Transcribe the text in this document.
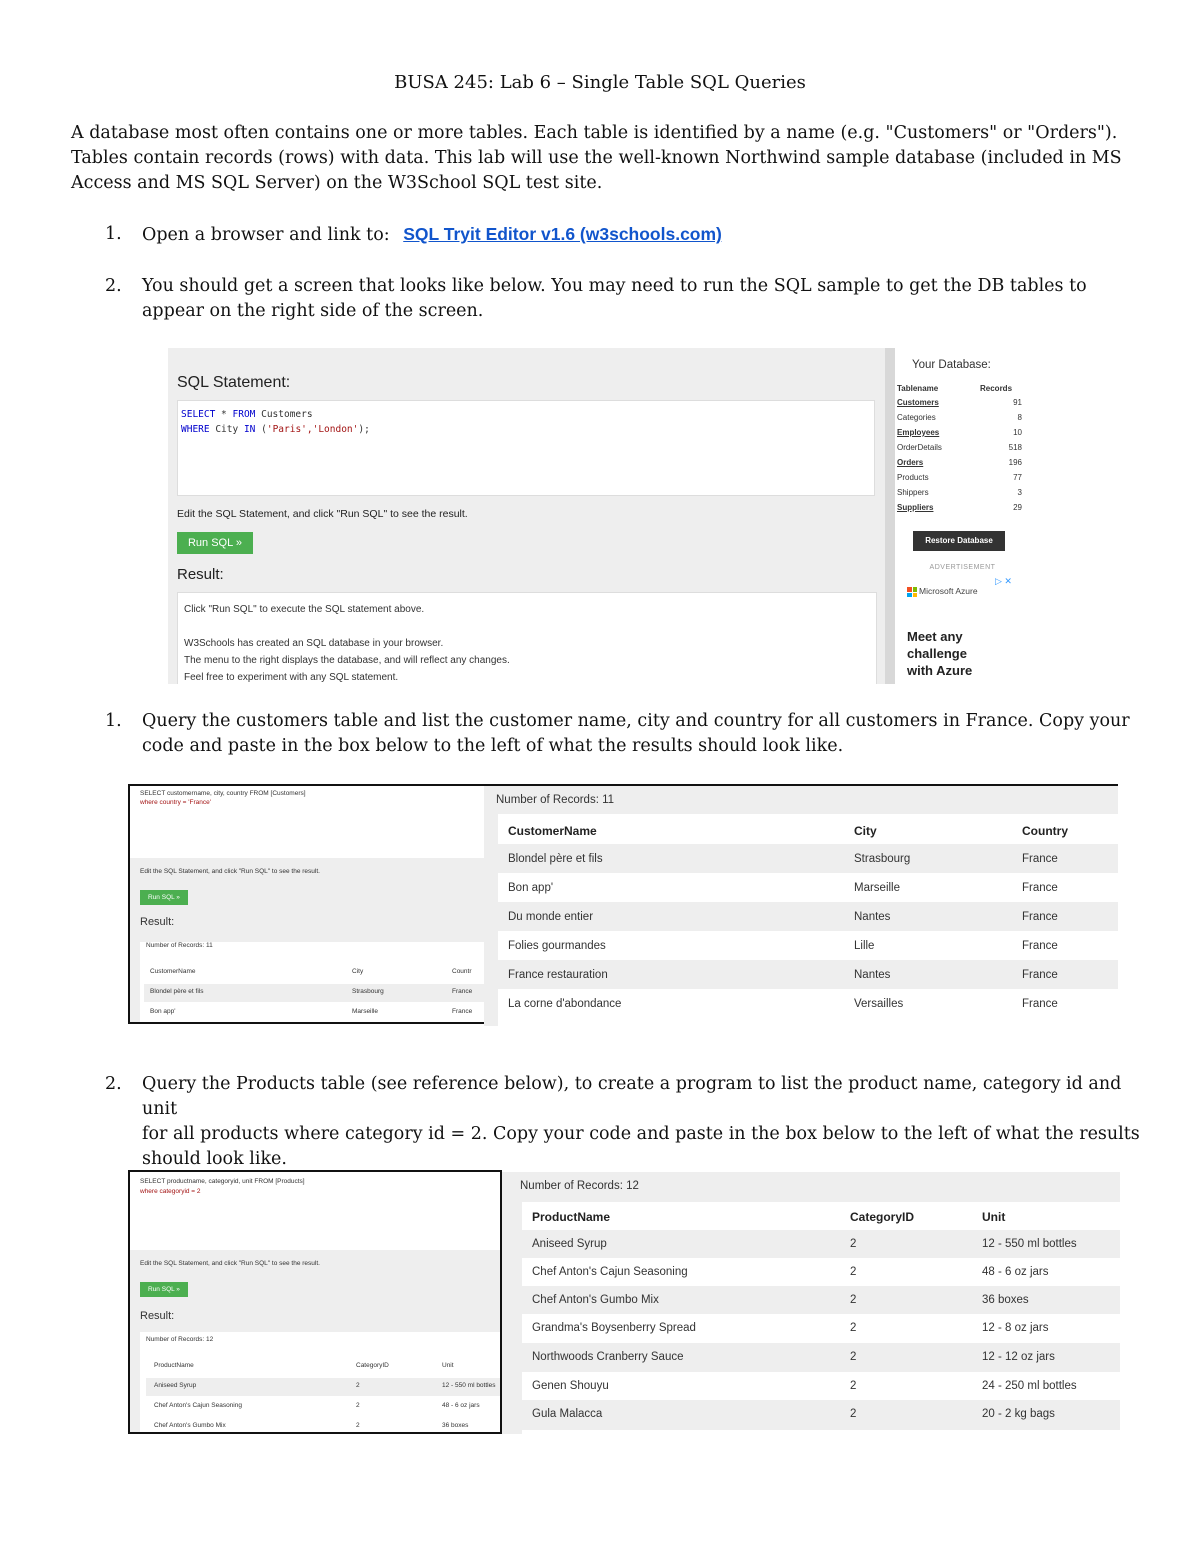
BUSA 245: Lab 6 – Single Table SQL Queries
A database most often contains one or more tables. Each table is identified by a name (e.g. "Customers" or "Orders").
Tables contain records (rows) with data. This lab will use the well-known Northwind sample database (included in MS
Access and MS SQL Server) on the W3School SQL test site.
1. Open a browser and link to: SQL Tryit Editor v1.6 (w3schools.com)
2. You should get a screen that looks like below. You may need to run the SQL sample to get the DB tables to
appear on the right side of the screen.
SQL Statement:
SELECT * FROM Customers
WHERE City IN ('Paris','London');
Edit the SQL Statement, and click "Run SQL" to see the result.
Run SQL »
Result:
Click "Run SQL" to execute the SQL statement above.
W3Schools has created an SQL database in your browser.
The menu to the right displays the database, and will reflect any changes.
Feel free to experiment with any SQL statement.
Your Database:
Tablename	Records
Customers	91
Categories	8
Employees	10
OrderDetails	518
Orders	196
Products	77
Shippers	3
Suppliers	29
Restore Database
ADVERTISEMENT
▷ ✕
Microsoft Azure
Meet any
challenge
with Azure
1. Query the customers table and list the customer name, city and country for all customers in France. Copy your
code and paste in the box below to the left of what the results should look like.
SELECT customername, city, country FROM [Customers]
where country = 'France'
Edit the SQL Statement, and click "Run SQL" to see the result.
Run SQL »
Result:
Number of Records: 11
CustomerName	City	Countr
Blondel père et fils	Strasbourg	France
Bon app'	Marseille	France
Number of Records: 11
CustomerName	City	Country
Blondel père et fils	Strasbourg	France
Bon app'	Marseille	France
Du monde entier	Nantes	France
Folies gourmandes	Lille	France
France restauration	Nantes	France
La corne d'abondance	Versailles	France
2. Query the Products table (see reference below), to create a program to list the product name, category id and unit
for all products where category id = 2. Copy your code and paste in the box below to the left of what the results
should look like.
SELECT productname, categoryid, unit FROM [Products]
where categoryid = 2
Edit the SQL Statement, and click "Run SQL" to see the result.
Run SQL »
Result:
Number of Records: 12
ProductName	CategoryID	Unit
Aniseed Syrup	2	12 - 550 ml bottles
Chef Anton's Cajun Seasoning	2	48 - 6 oz jars
Chef Anton's Gumbo Mix	2	36 boxes
Number of Records: 12
ProductName	CategoryID	Unit
Aniseed Syrup	2	12 - 550 ml bottles
Chef Anton's Cajun Seasoning	2	48 - 6 oz jars
Chef Anton's Gumbo Mix	2	36 boxes
Grandma's Boysenberry Spread	2	12 - 8 oz jars
Northwoods Cranberry Sauce	2	12 - 12 oz jars
Genen Shouyu	2	24 - 250 ml bottles
Gula Malacca	2	20 - 2 kg bags
